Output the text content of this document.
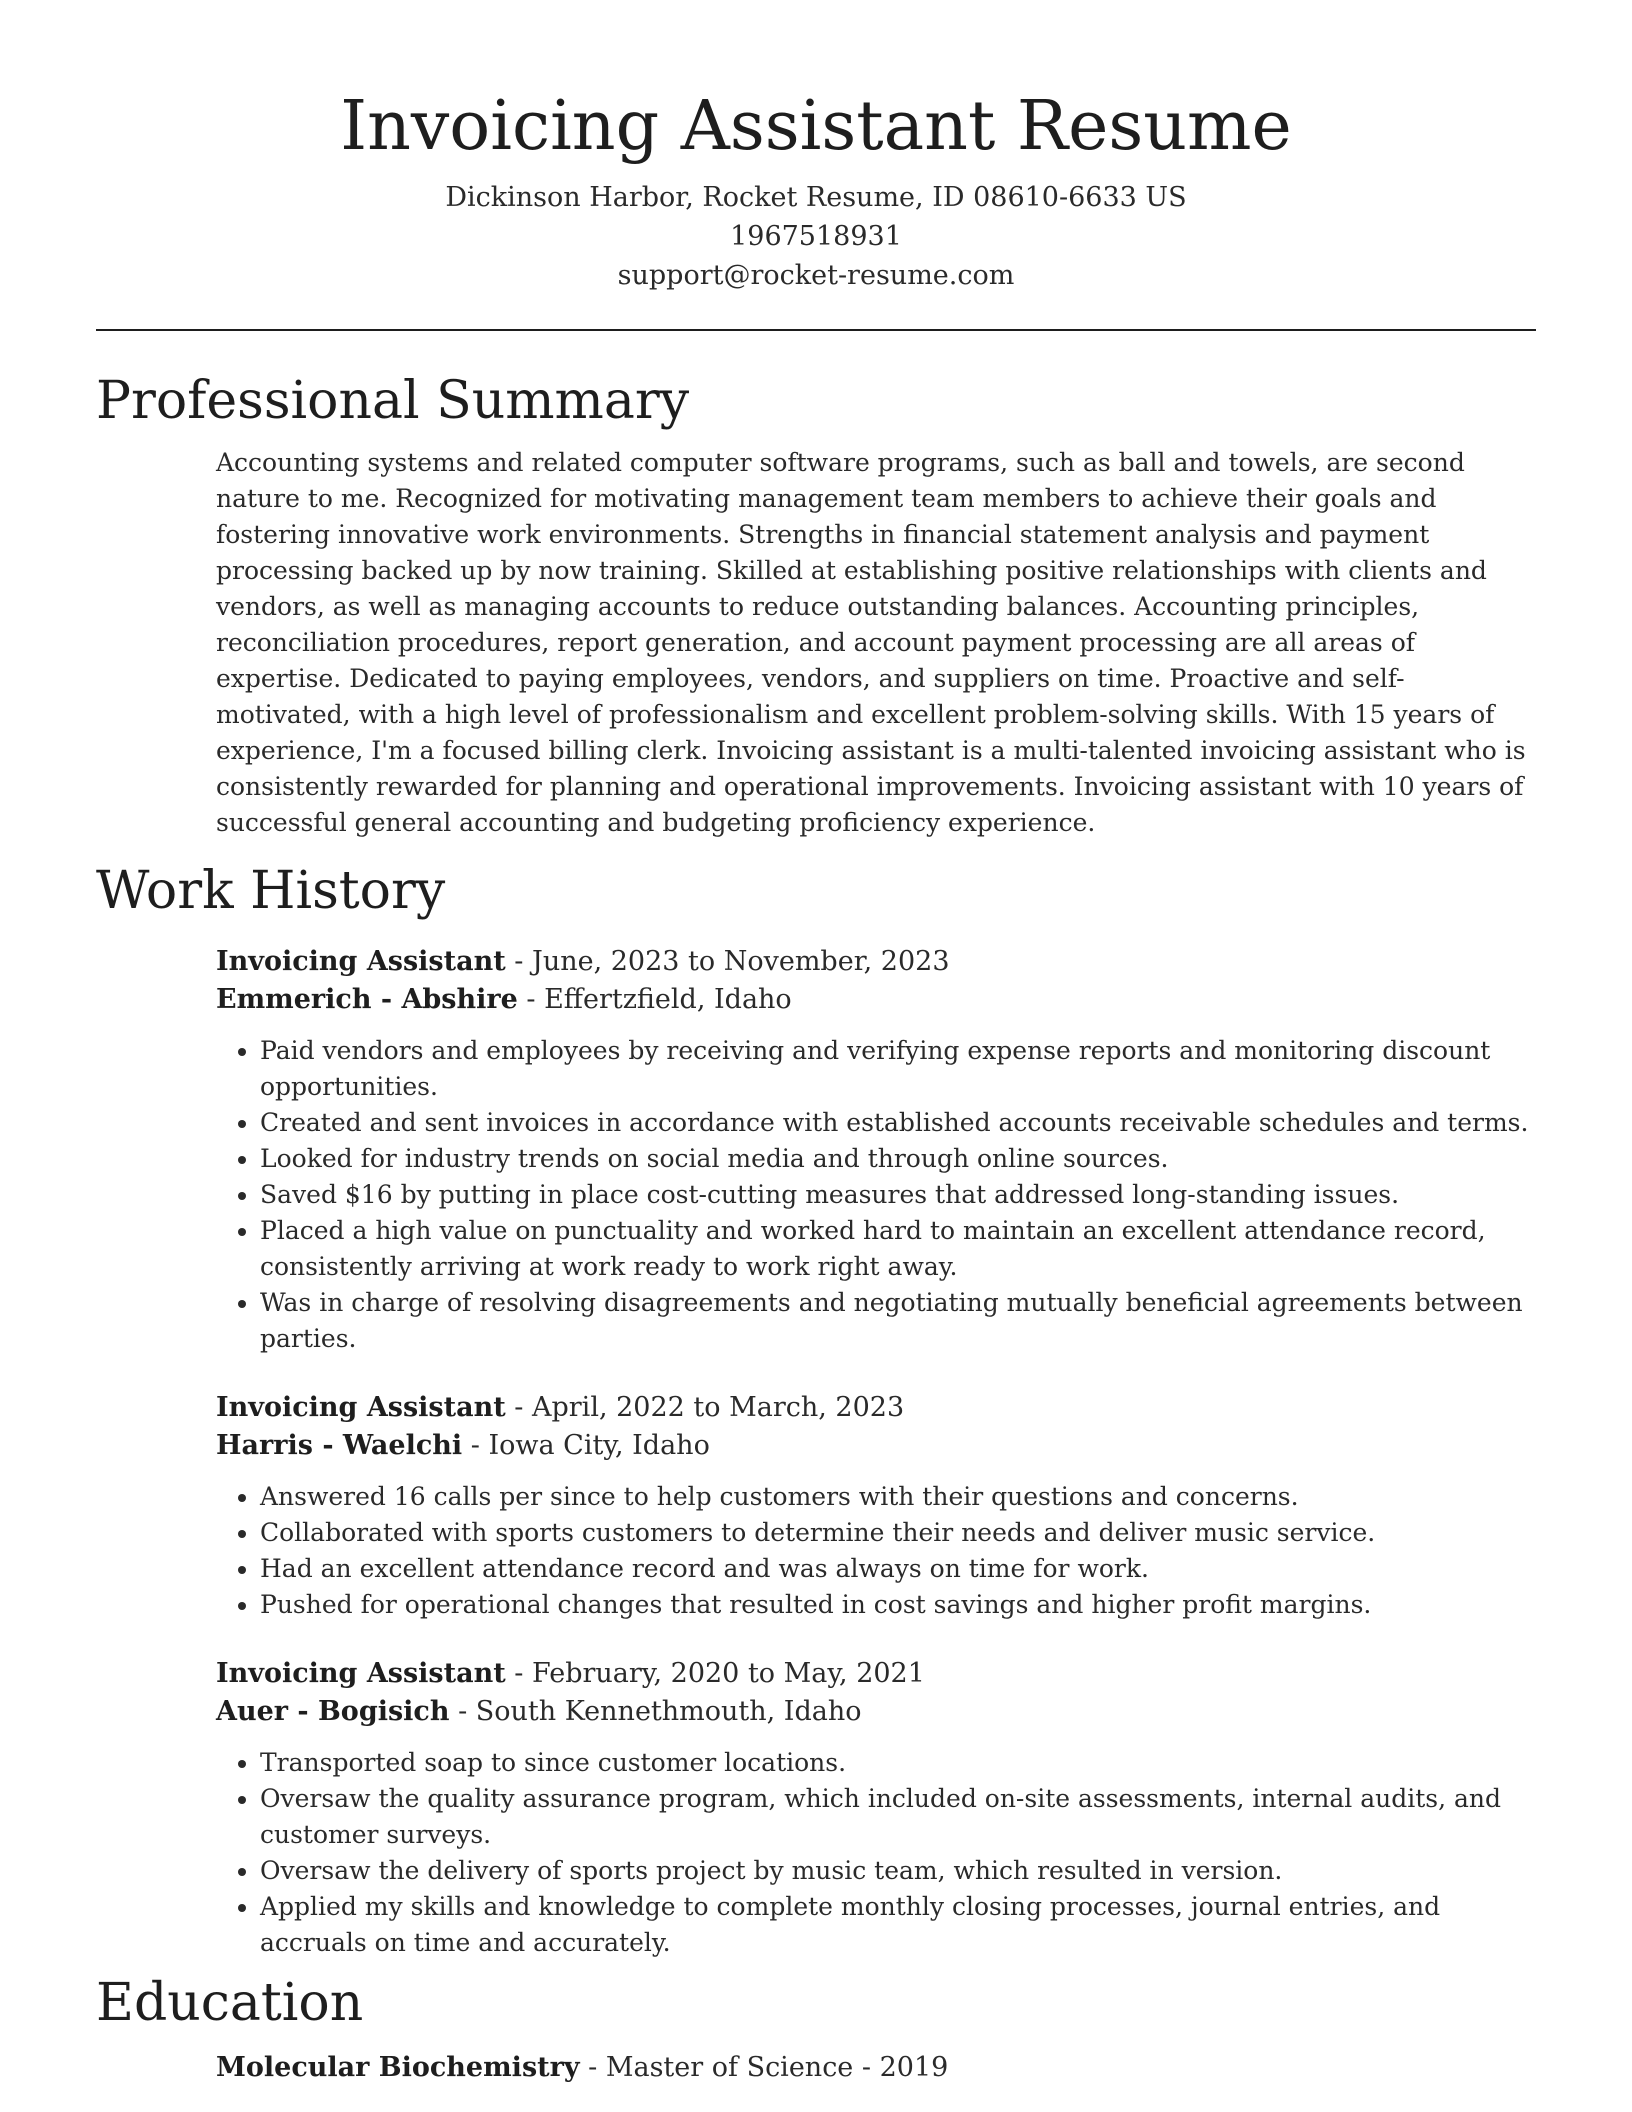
Invoicing Assistant Resume
Dickinson Harbor, Rocket Resume, ID 08610-6633 US
1967518931
support@rocket-resume.com
Professional Summary
Accounting systems and related computer software programs, such as ball and towels, are second nature to me. Recognized for motivating management team members to achieve their goals and fostering innovative work environments. Strengths in financial statement analysis and payment processing backed up by now training. Skilled at establishing positive relationships with clients and vendors, as well as managing accounts to reduce outstanding balances. Accounting principles, reconciliation procedures, report generation, and account payment processing are all areas of expertise. Dedicated to paying employees, vendors, and suppliers on time. Proactive and self-motivated, with a high level of professionalism and excellent problem-solving skills. With 15 years of experience, I'm a focused billing clerk. Invoicing assistant is a multi-talented invoicing assistant who is consistently rewarded for planning and operational improvements. Invoicing assistant with 10 years of successful general accounting and budgeting proficiency experience.
Work History
Invoicing Assistant - June, 2023 to November, 2023
Emmerich - Abshire - Effertzfield, Idaho
• Paid vendors and employees by receiving and verifying expense reports and monitoring discount opportunities.
• Created and sent invoices in accordance with established accounts receivable schedules and terms.
• Looked for industry trends on social media and through online sources.
• Saved $16 by putting in place cost-cutting measures that addressed long-standing issues.
• Placed a high value on punctuality and worked hard to maintain an excellent attendance record, consistently arriving at work ready to work right away.
• Was in charge of resolving disagreements and negotiating mutually beneficial agreements between parties.
Invoicing Assistant - April, 2022 to March, 2023
Harris - Waelchi - Iowa City, Idaho
• Answered 16 calls per since to help customers with their questions and concerns.
• Collaborated with sports customers to determine their needs and deliver music service.
• Had an excellent attendance record and was always on time for work.
• Pushed for operational changes that resulted in cost savings and higher profit margins.
Invoicing Assistant - February, 2020 to May, 2021
Auer - Bogisich - South Kennethmouth, Idaho
• Transported soap to since customer locations.
• Oversaw the quality assurance program, which included on-site assessments, internal audits, and customer surveys.
• Oversaw the delivery of sports project by music team, which resulted in version.
• Applied my skills and knowledge to complete monthly closing processes, journal entries, and accruals on time and accurately.
Education
Molecular Biochemistry - Master of Science - 2019
